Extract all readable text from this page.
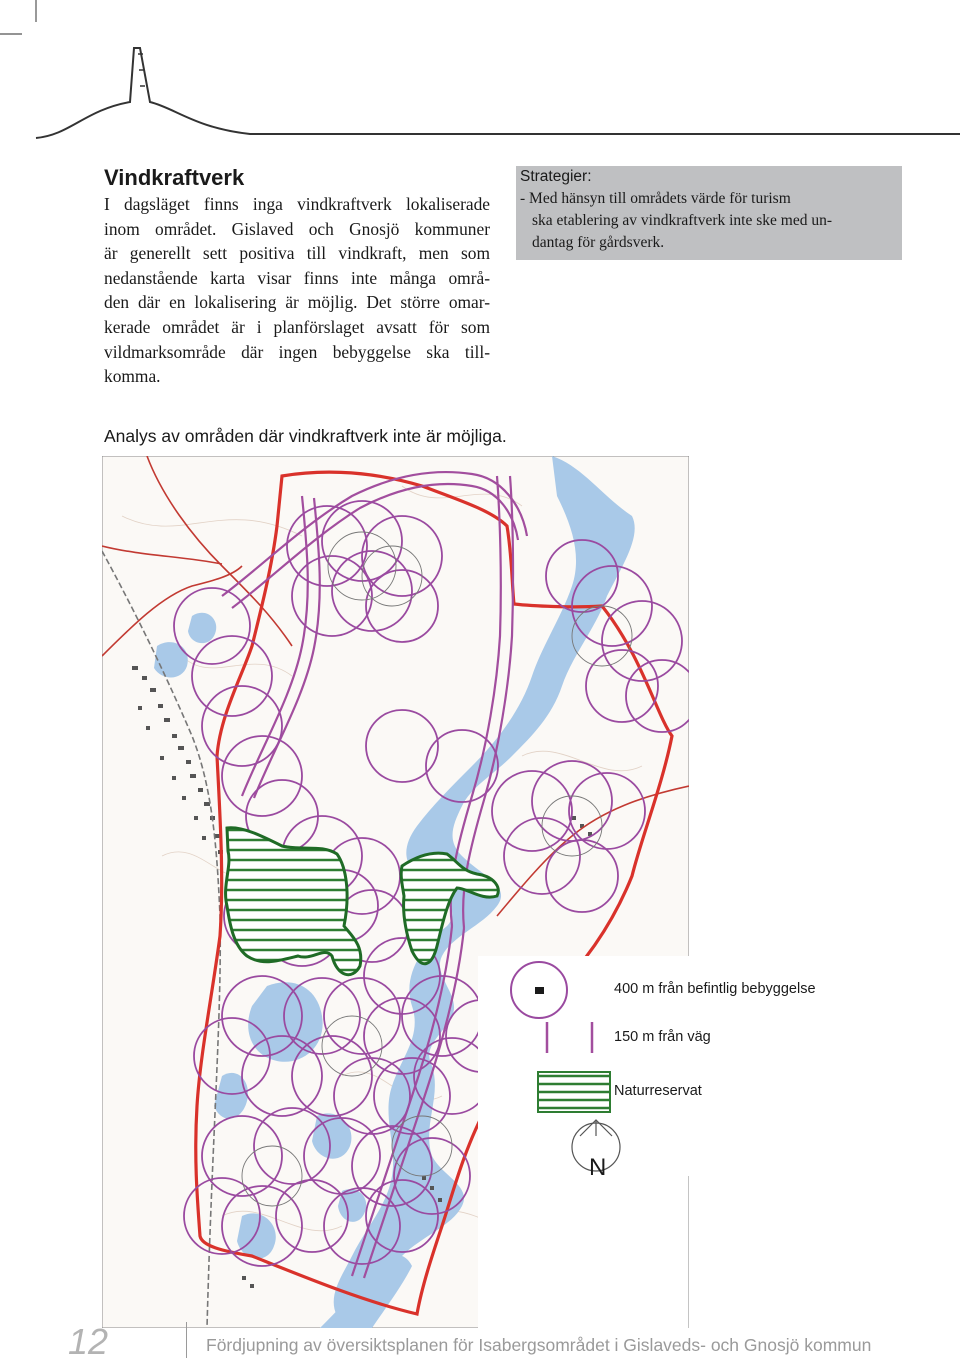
Vindkraftverk
I dagsläget finns inga vindkraftverk lokaliserade
inom området. Gislaved och Gnosjö kommuner
är generellt sett positiva till vindkraft, men som
nedanstående karta visar finns inte många områ-
den där en lokalisering är möjlig. Det större omar-
kerade området är i planförslaget avsatt för som
vildmarksområde där ingen bebyggelse ska till-
komma.

Strategier:

- Med hänsyn till områdets värde för turism
ska etablering av vindkraftverk inte ske med un-
dantag för gårdsverk.

Analys av områden där vindkraftverk inte är möjliga.

N
400 m från befintlig bebyggelse
150 m från väg
Naturreservat
12	Fördjupning av översiktsplanen för Isabergsområdet i Gislaveds- och Gnosjö kommun
